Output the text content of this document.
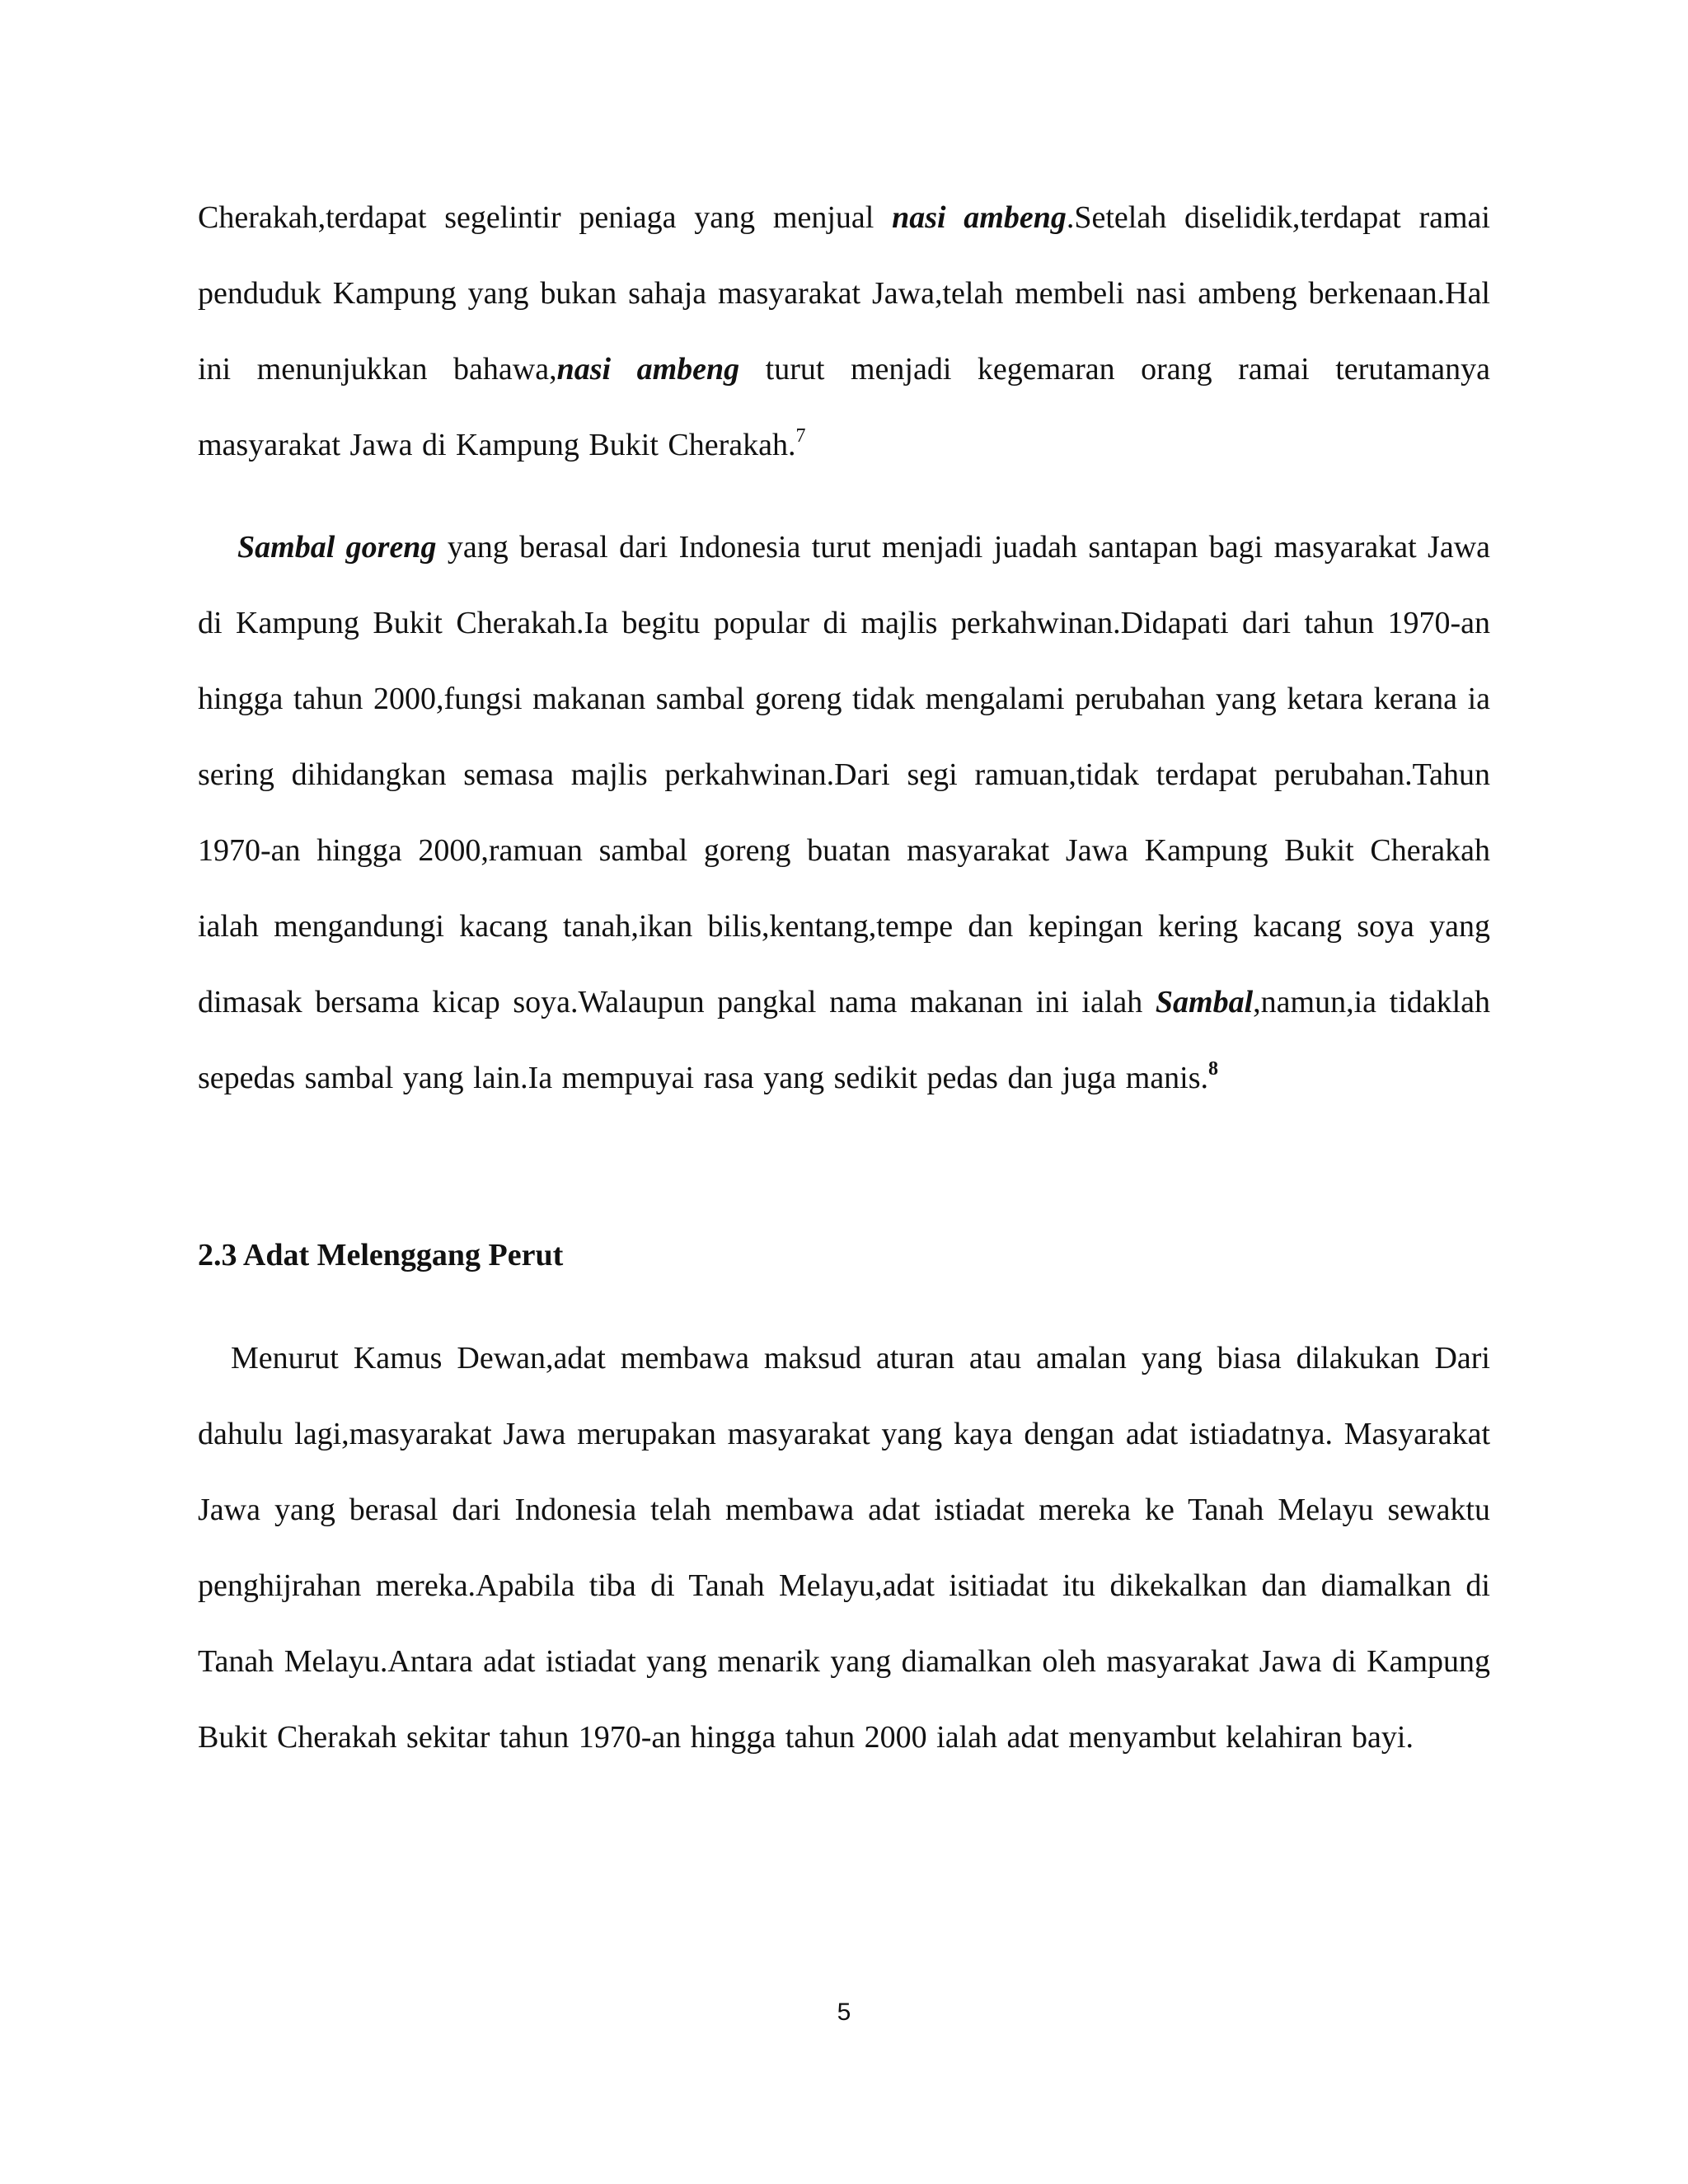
Cherakah,terdapat segelintir peniaga yang menjual nasi ambeng.Setelah diselidik,terdapat ramai penduduk Kampung yang bukan sahaja masyarakat Jawa,telah membeli nasi ambeng berkenaan.Hal ini menunjukkan bahawa,nasi ambeng turut menjadi kegemaran orang ramai terutamanya masyarakat Jawa di Kampung Bukit Cherakah.$^7$

Sambal goreng yang berasal dari Indonesia turut menjadi juadah santapan bagi masyarakat Jawa di Kampung Bukit Cherakah.Ia begitu popular di majlis perkahwinan.Didapati dari tahun 1970-an hingga tahun 2000,fungsi makanan sambal goreng tidak mengalami perubahan yang ketara kerana ia sering dihidangkan semasa majlis perkahwinan.Dari segi ramuan,tidak terdapat perubahan.Tahun 1970-an hingga 2000,ramuan sambal goreng buatan masyarakat Jawa Kampung Bukit Cherakah ialah mengandungi kacang tanah,ikan bilis,kentang,tempe dan kepingan kering kacang soya yang dimasak bersama kicap soya.Walaupun pangkal nama makanan ini ialah Sambal,namun,ia tidaklah sepedas sambal yang lain.Ia mempuyai rasa yang sedikit pedas dan juga manis.$^8$

2.3 Adat Melenggang Perut

Menurut Kamus Dewan,adat membawa maksud aturan atau amalan yang biasa dilakukan Dari dahulu lagi,masyarakat Jawa merupakan masyarakat yang kaya dengan adat istiadatnya. Masyarakat Jawa yang berasal dari Indonesia telah membawa adat istiadat mereka ke Tanah Melayu sewaktu penghijrahan mereka.Apabila tiba di Tanah Melayu,adat isitiadat itu dikekalkan dan diamalkan di Tanah Melayu.Antara adat istiadat yang menarik yang diamalkan oleh masyarakat Jawa di Kampung Bukit Cherakah sekitar tahun 1970-an hingga tahun 2000 ialah adat menyambut kelahiran bayi.

5
